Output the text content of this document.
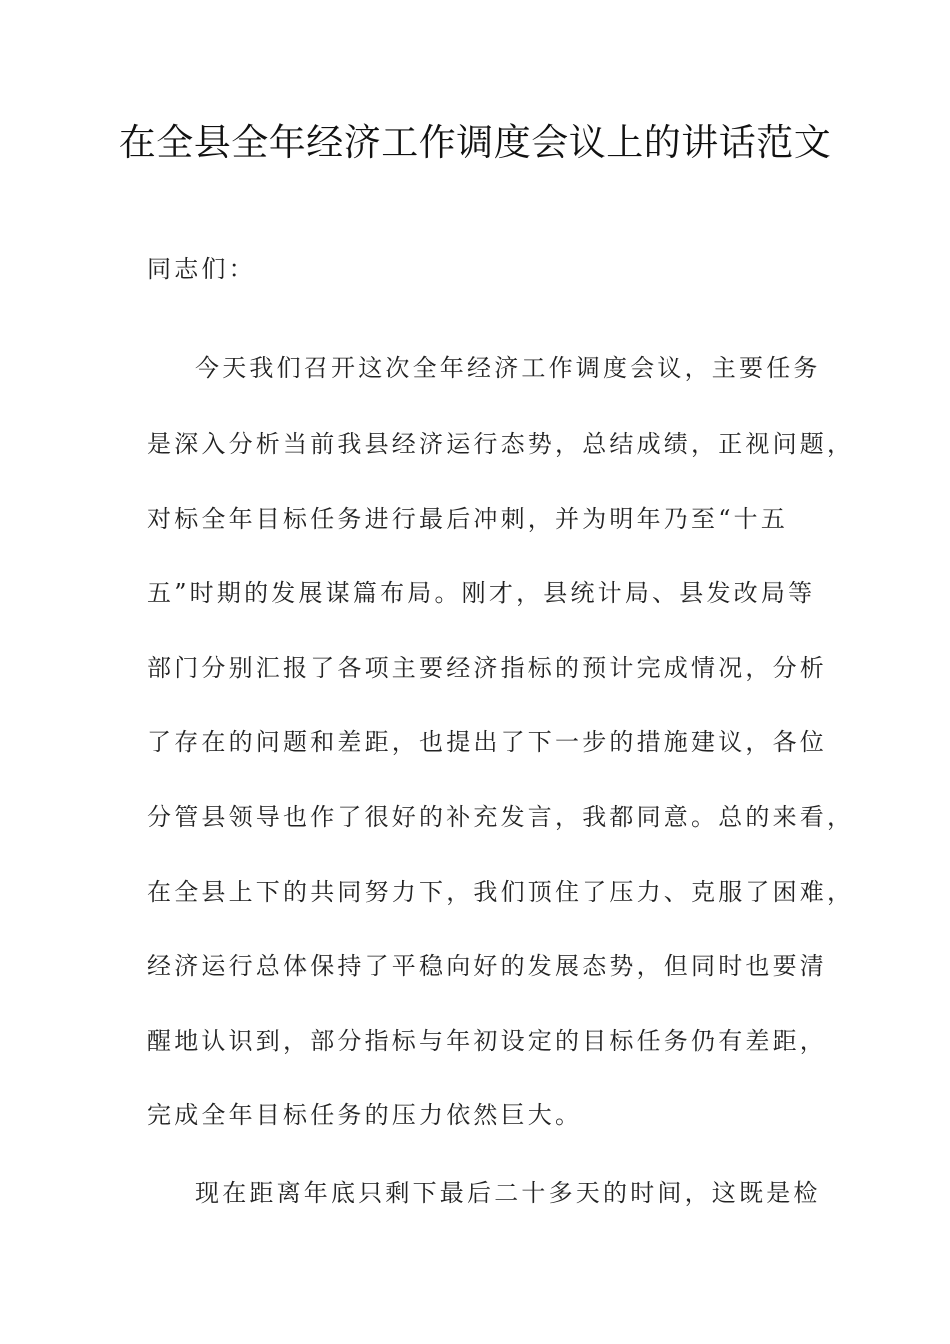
在全县全年经济工作调度会议上的讲话范文

同志们：

今天我们召开这次全年经济工作调度会议，主要任务

是深入分析当前我县经济运行态势，总结成绩，正视问题，

对标全年目标任务进行最后冲刺，并为明年乃至“十五

五”时期的发展谋篇布局。刚才，县统计局、县发改局等

部门分别汇报了各项主要经济指标的预计完成情况，分析

了存在的问题和差距，也提出了下一步的措施建议，各位

分管县领导也作了很好的补充发言，我都同意。总的来看，

在全县上下的共同努力下，我们顶住了压力、克服了困难，

经济运行总体保持了平稳向好的发展态势，但同时也要清

醒地认识到，部分指标与年初设定的目标任务仍有差距，

完成全年目标任务的压力依然巨大。

现在距离年底只剩下最后二十多天的时间，这既是检
